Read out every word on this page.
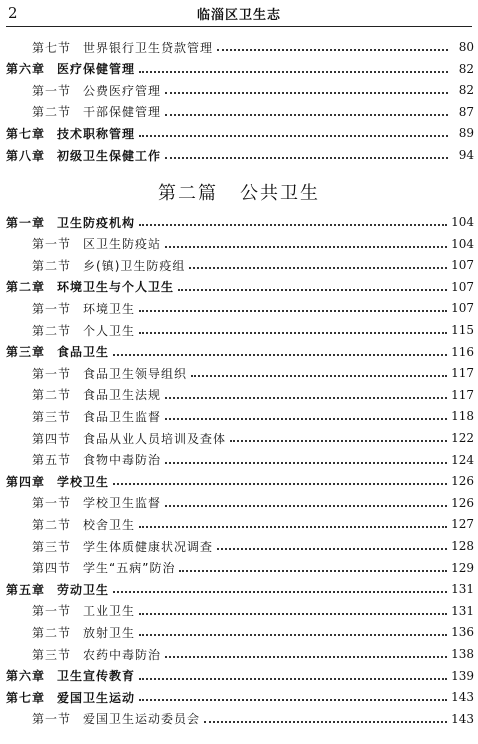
2	临淄区卫生志
第二篇 公共卫生
第七节 世界银行卫生贷款管理	80
第六章 医疗保健管理	82
第一节 公费医疗管理	82
第二节 干部保健管理	87
第七章 技术职称管理	89
第八章 初级卫生保健工作	94
第一章 卫生防疫机构	104
第一节 区卫生防疫站	104
第二节 乡(镇)卫生防疫组	107
第二章 环境卫生与个人卫生	107
第一节 环境卫生	107
第二节 个人卫生	115
第三章 食品卫生	116
第一节 食品卫生领导组织	117
第二节 食品卫生法规	117
第三节 食品卫生监督	118
第四节 食品从业人员培训及查体	122
第五节 食物中毒防治	124
第四章 学校卫生	126
第一节 学校卫生监督	126
第二节 校舍卫生	127
第三节 学生体质健康状况调查	128
第四节 学生“五病”防治	129
第五章 劳动卫生	131
第一节 工业卫生	131
第二节 放射卫生	136
第三节 农药中毒防治	138
第六章 卫生宣传教育	139
第七章 爱国卫生运动	143
第一节 爱国卫生运动委员会	143
